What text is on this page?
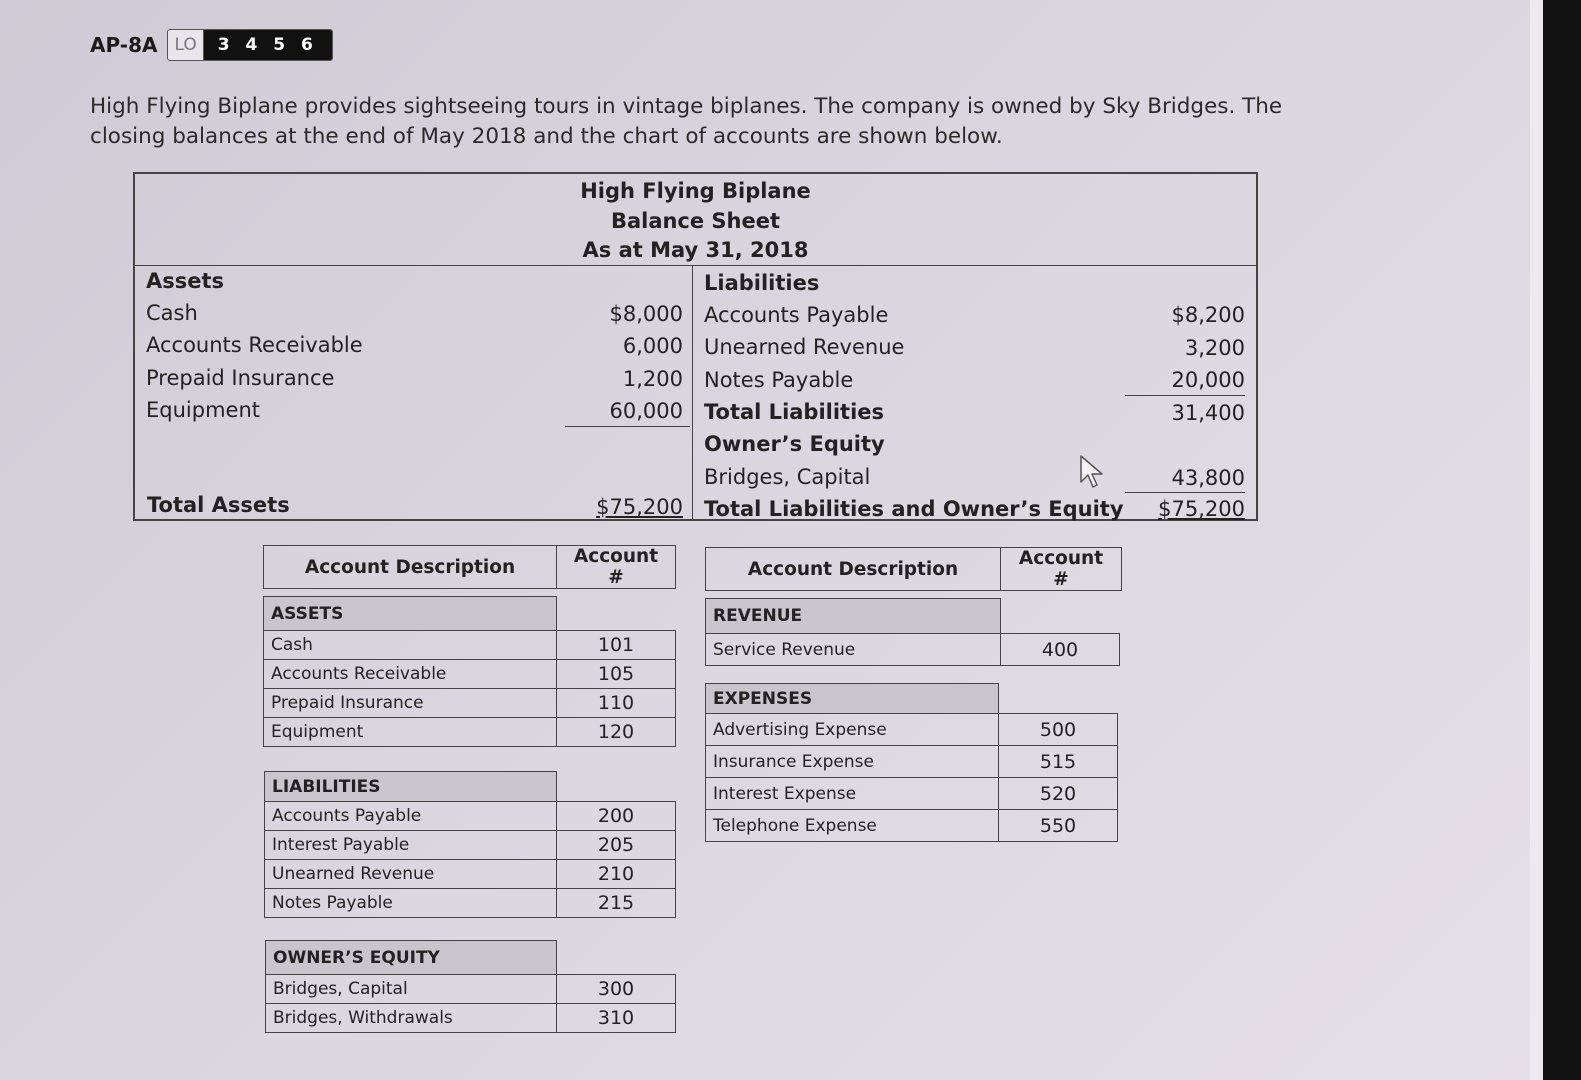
AP-8A	LO	3 4 5 6

High Flying Biplane provides sightseeing tours in vintage biplanes. The company is owned by Sky Bridges. The closing balances at the end of May 2018 and the chart of accounts are shown below.

High Flying Biplane
Balance Sheet
As at May 31, 2018
Assets
Cash	$8,000
Accounts Receivable	6,000
Prepaid Insurance	1,200
Equipment	60,000
Total Assets	$75,200
Liabilities
Accounts Payable	$8,200
Unearned Revenue	3,200
Notes Payable	20,000
Total Liabilities	31,400
Owner’s Equity
Bridges, Capital	43,800
Total Liabilities and Owner’s Equity	$75,200
Account Description	Account #
ASSETS	
Cash	101
Accounts Receivable	105
Prepaid Insurance	110
Equipment	120
LIABILITIES	
Accounts Payable	200
Interest Payable	205
Unearned Revenue	210
Notes Payable	215
OWNER’S EQUITY	
Bridges, Capital	300
Bridges, Withdrawals	310
Account Description	Account #
REVENUE	
Service Revenue	400
EXPENSES	
Advertising Expense	500
Insurance Expense	515
Interest Expense	520
Telephone Expense	550
